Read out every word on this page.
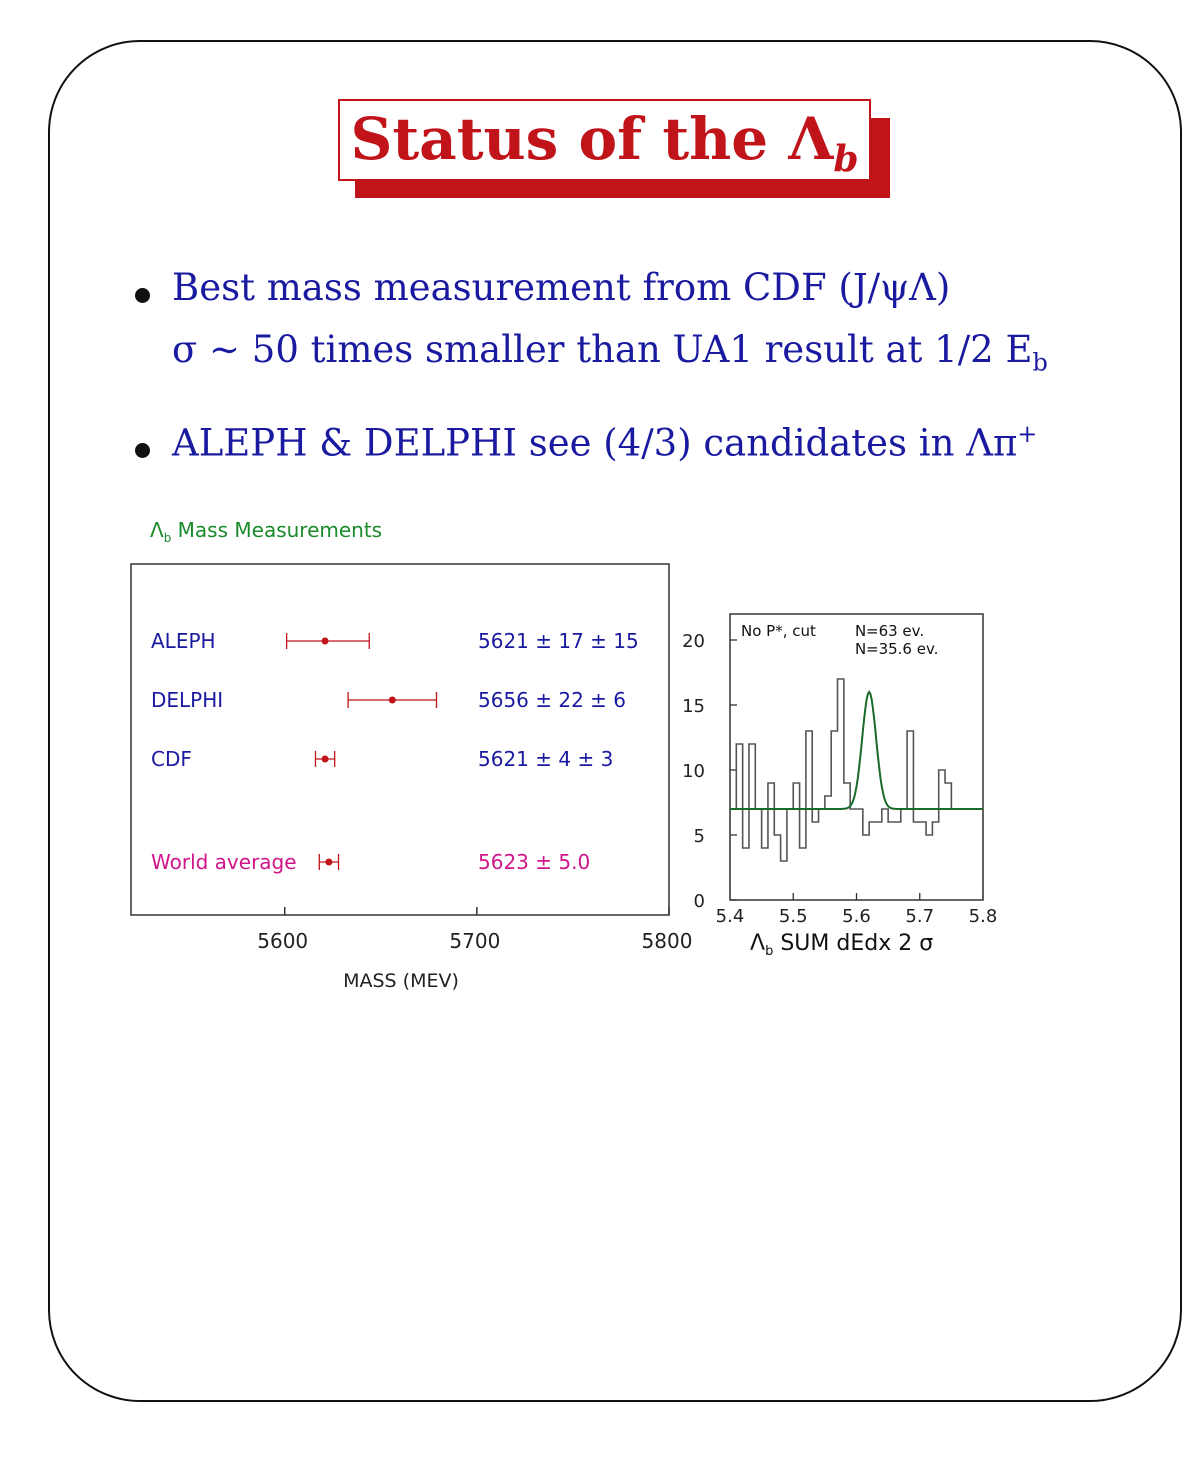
Status of the $\Lambda_b$
Best mass measurement from CDF (J/ψΛ)
σ ∼ 50 times smaller than UA1 result at 1/2 $E_b$
ALEPH & DELPHI see (4/3) candidates in Λπ+
$\Lambda_b$ Mass Measurements
5600	5700	5800
MASS (MEV)
ALEPH	5621 ± 17 ± 15
DELPHI	5656 ± 22 ± 6
CDF	5621 ± 4 ± 3
World average	5623 ± 5.0
0
5
10
15
20
5.4 5.5 5.6 5.7 5.8
No P*, cut	N =63 ev.
N =35.6 ev.
$\Lambda_b$ SUM dEdx 2 σ
